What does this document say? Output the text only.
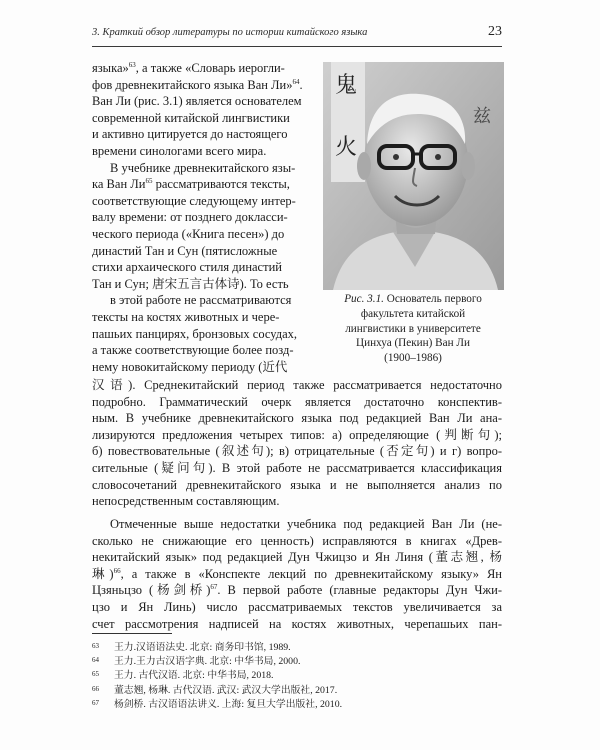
3. Краткий обзор литературы по истории китайского языка	23
языка»$^{63}$, а также «Словарь иерогли-
фов древнекитайского языка Ван Ли»$^{64}$.
Ван Ли (рис. 3.1) является основателем
современной китайской лингвистики
и активно цитируется до настоящего
времени синологами всего мира.
В учебнике древнекитайского язы-
ка Ван $Ли^{65}$ рассматриваются тексты,
соответствующие следующему интер-
валу времени: от позднего докласси-
ческого периода («Книга песен») до
династий Тан и Сун (пятисложные
стихи архаического стиля династий
Тан и Сун; 唐宋五言古体诗). То есть
в этой работе не рассматриваются
тексты на костях животных и чере-
пашьих панцирях, бронзовых сосудах,
а также соответствующие более позд-
нему новокитайскому периоду (近代
鬼
火
兹
Рис. 3.1. Основатель первого
факультета китайской
лингвистики в университете
Цинхуа (Пекин) Ван Ли
(1900–1986)
汉语). Среднекитайский период также рассматривается недостаточно
подробно. Грамматический очерк является достаточно конспектив-
ным. В учебнике древнекитайского языка под редакцией Ван Ли ана-
лизируются предложения четырех типов: а) определяющие (判断句);
б) повествовательные (叙述句); в) отрицательные (否定句) и г) вопро-
сительные (疑问句). В этой работе не рассматривается классификация
словосочетаний древнекитайского языка и не выполняется анализ по
непосредственным составляющим.
Отмеченные выше недостатки учебника под редакцией Ван Ли (не-
сколько не снижающие его ценность) исправляются в книгах «Древ-
некитайский язык» под редакцией Дун Чжицзо и Ян Линя (董志翘, 杨
琳)$^{66}$, а также в «Конспекте лекций по древнекитайскому языку» Ян
Цзяньцзо (杨剑桥)$^{67}$. В первой работе (главные редакторы Дун Чжи-
цзо и Ян Линь) число рассматриваемых текстов увеличивается за
счет рассмотрения надписей на костях животных, черепашьих пан-
63 王力.汉语语法史. 北京: 商务印书馆, 1989.
64 王力.王力古汉语字典. 北京: 中华书局, 2000.
65 王力. 古代汉语. 北京: 中华书局, 2018.
66 董志翘, 杨琳. 古代汉语. 武汉: 武汉大学出版社, 2017.
67 杨剑桥. 古汉语语法讲义. 上海: 复旦大学出版社, 2010.
